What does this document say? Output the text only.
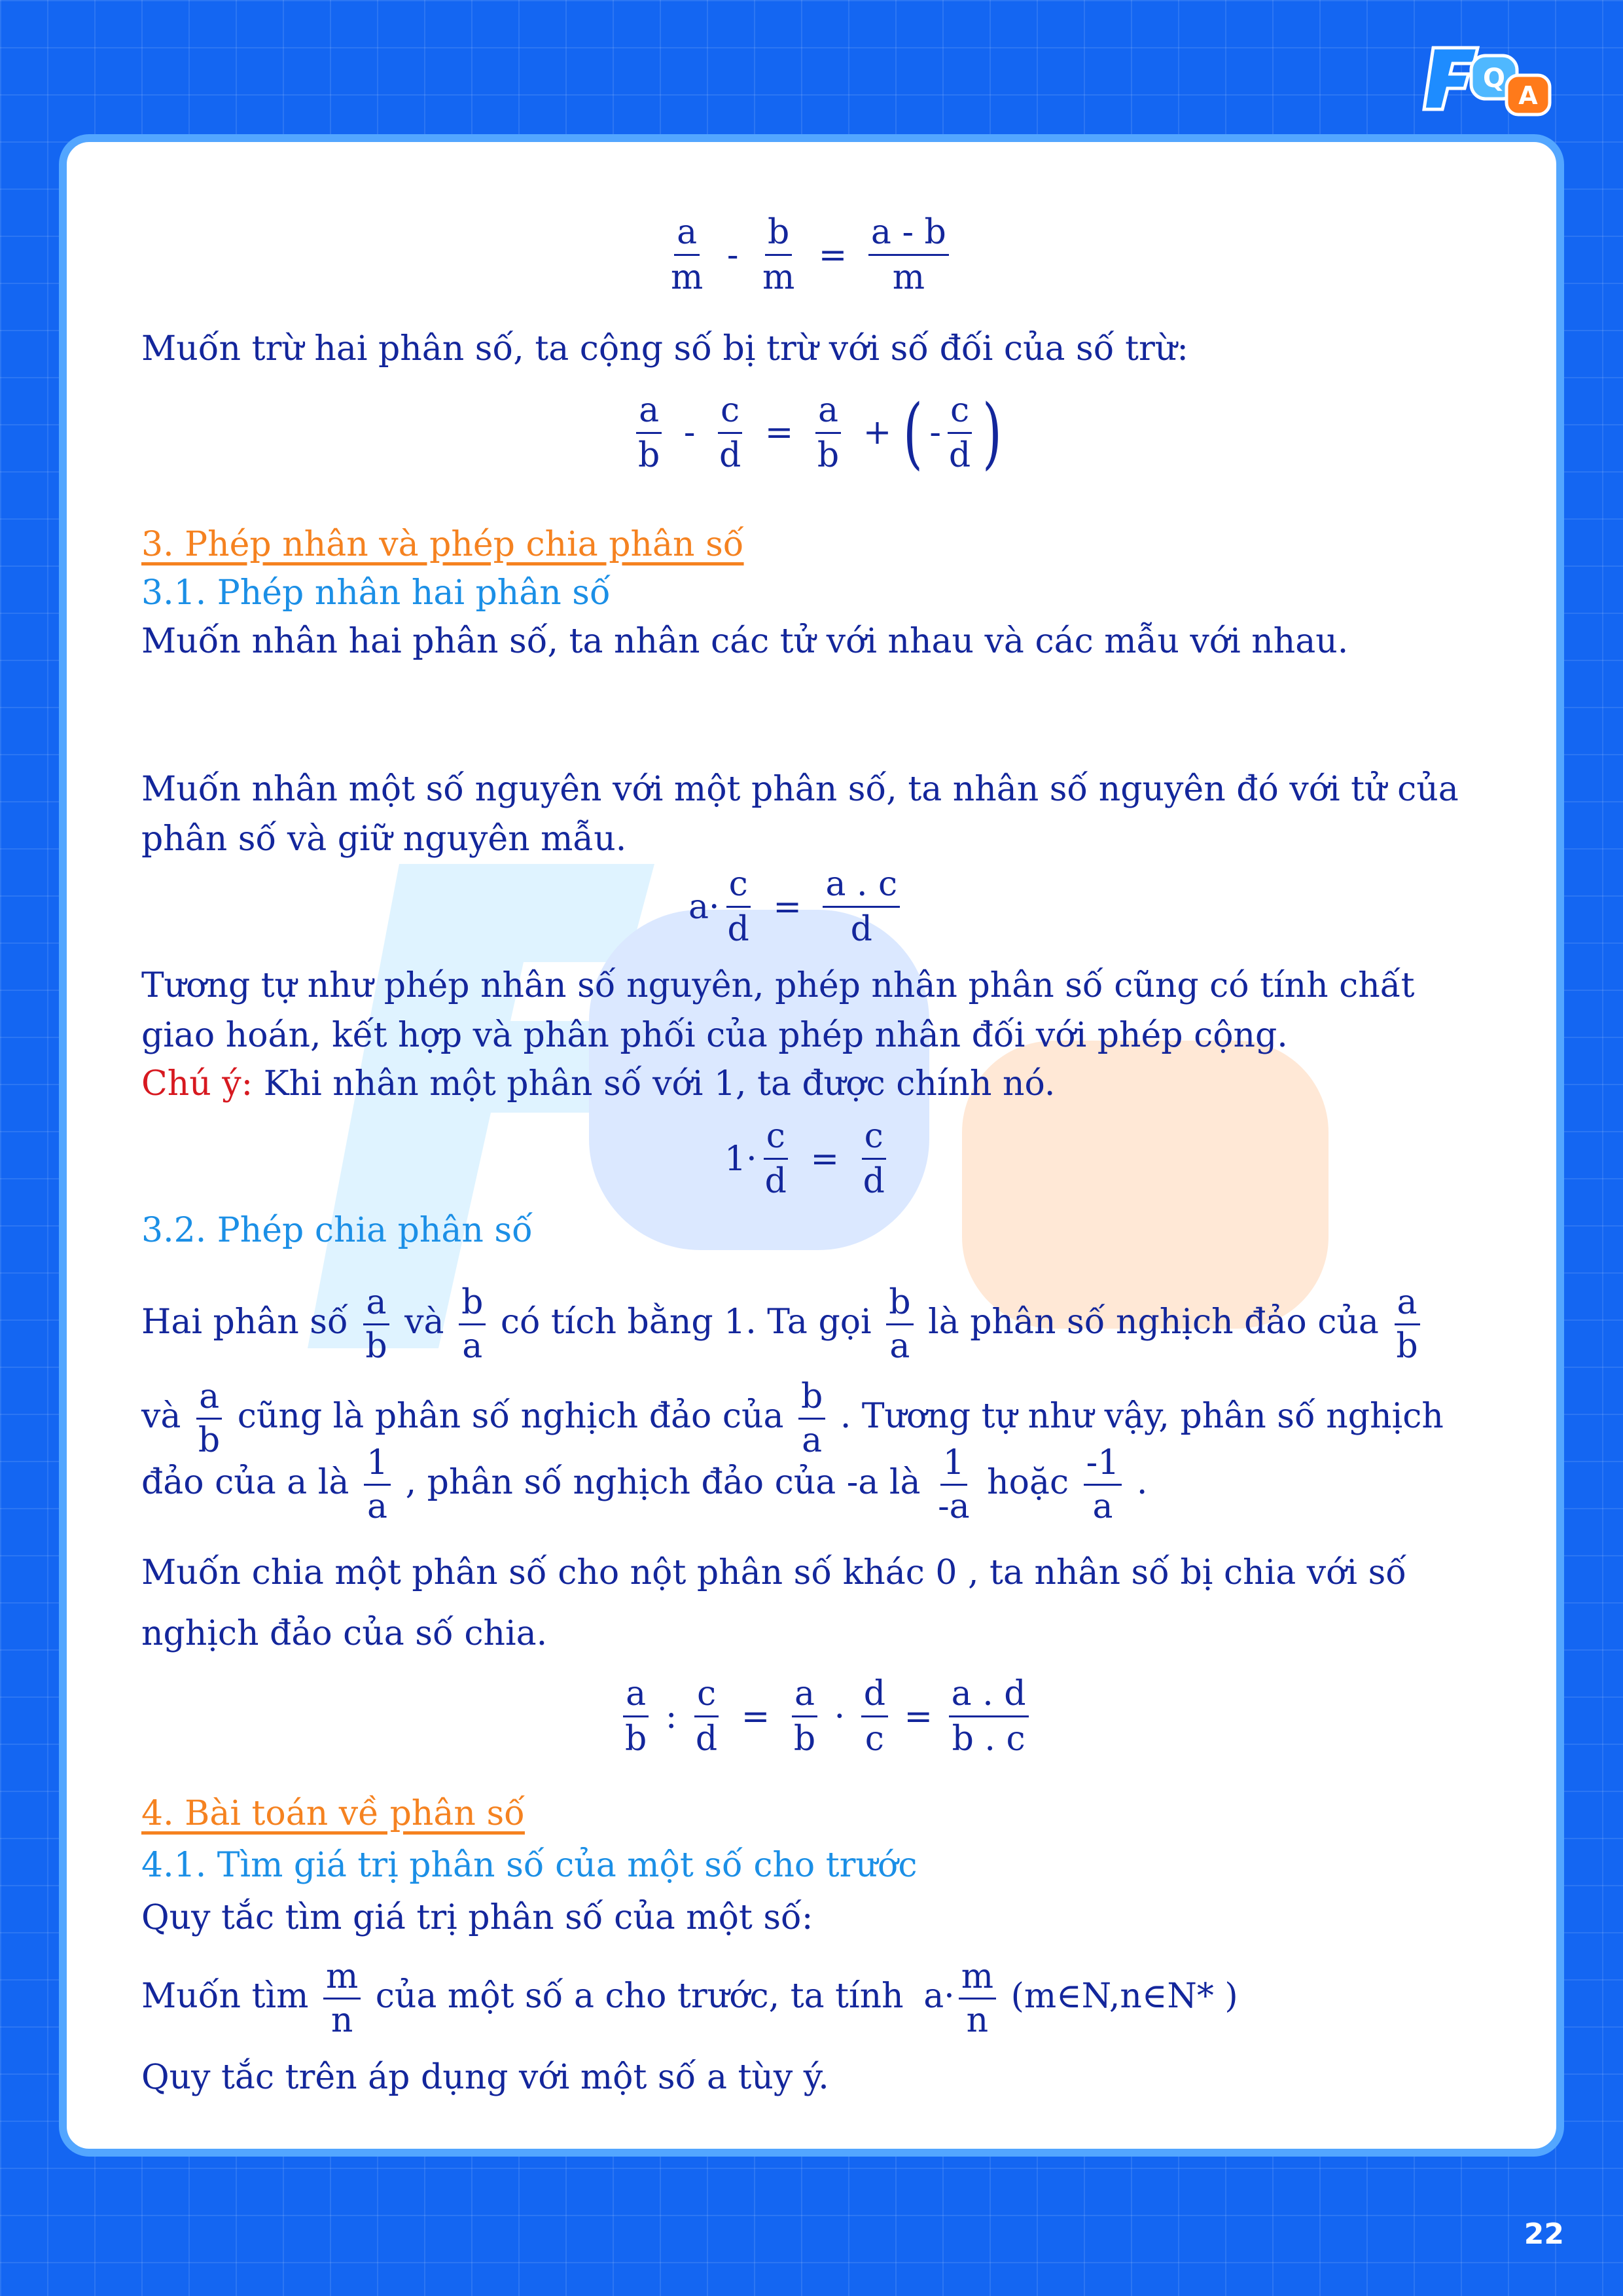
Q
A
$\frac{a}{m} - \frac{b}{m} = \frac{a - b}{m}$
Muốn trừ hai phân số, ta cộng số bị trừ với số đối của số trừ:
$\frac{a}{b} - \frac{c}{d} = \frac{a}{b}$ + ( - $\frac{c}{d}$ )
3. Phép nhân và phép chia phân số
3.1. Phép nhân hai phân số
Muốn nhân hai phân số, ta nhân các tử với nhau và các mẫu với nhau.
Muốn nhân một số nguyên với một phân số, ta nhân số nguyên đó với tử của
phân số và giữ nguyên mẫu.
$a\cdot \frac{c}{d} = \frac{a . c}{d}$
Tương tự như phép nhân số nguyên, phép nhân phân số cũng có tính chất
giao hoán, kết hợp và phân phối của phép nhân đối với phép cộng.
Chú ý: Khi nhân một phân số với 1, ta được chính nó.
$1\cdot \frac{c}{d} = \frac{c}{d}$
3.2. Phép chia phân số
Hai phân số $\frac{a}{b}$ và $\frac{b}{a}$ có tích bằng 1. Ta gọi $\frac{b}{a}$ là phân số nghịch đảo của $\frac{a}{b}$
và $\frac{a}{b}$ cũng là phân số nghịch đảo của $\frac{b}{a}$ . Tương tự như vậy, phân số nghịch
đảo của a là $\frac{1}{a}$ , phân số nghịch đảo của -a là $\frac{1}{-a}$ hoặc $\frac{-1}{a}$ .
Muốn chia một phân số cho nột phân số khác 0 , ta nhân số bị chia với số
nghịch đảo của số chia.
$\frac{a}{b}$ : $\frac{c}{d} = \frac{a}{b} \cdot \frac{d}{c} = \frac{a . d}{b . c}$
4. Bài toán về phân số
4.1. Tìm giá trị phân số của một số cho trước
Quy tắc tìm giá trị phân số của một số:
Muốn tìm $\frac{m}{n}$ của một số a cho trước, ta tính $a\cdot \frac{m}{n}$ (m∈N,n∈N* )
Quy tắc trên áp dụng với một số a tùy ý.
22
